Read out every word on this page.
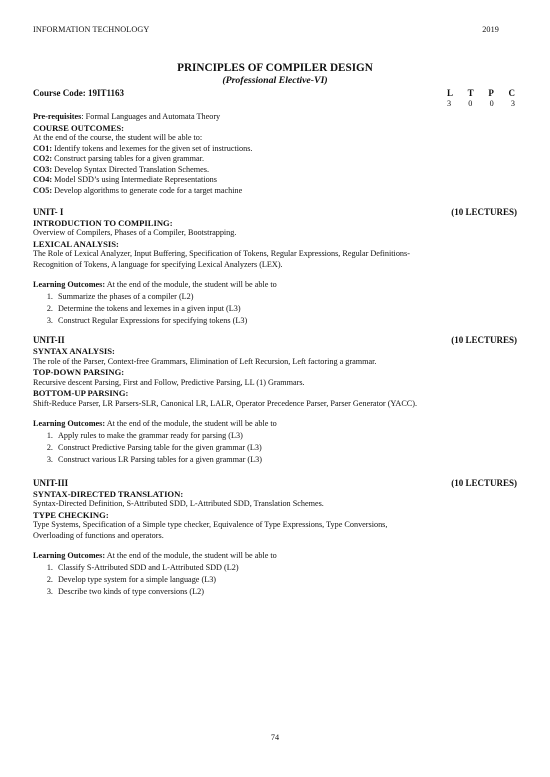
INFORMATION TECHNOLOGY	2019
PRINCIPLES OF COMPILER DESIGN
(Professional Elective-VI)
Course Code: 19IT1163	L T P C
3 0 0 3
Pre-requisites: Formal Languages and Automata Theory
COURSE OUTCOMES:
At the end of the course, the student will be able to:
CO1: Identify tokens and lexemes for the given set of instructions.
CO2: Construct parsing tables for a given grammar.
CO3: Develop Syntax Directed Translation Schemes.
CO4: Model SDD’s using Intermediate Representations
CO5: Develop algorithms to generate code for a target machine
UNIT- I	(10 LECTURES)
INTRODUCTION TO COMPILING:
Overview of Compilers, Phases of a Compiler, Bootstrapping.
LEXICAL ANALYSIS:
The Role of Lexical Analyzer, Input Buffering, Specification of Tokens, Regular Expressions, Regular Definitions-
Recognition of Tokens, A language for specifying Lexical Analyzers (LEX).
Learning Outcomes: At the end of the module, the student will be able to
1. Summarize the phases of a compiler (L2)
2. Determine the tokens and lexemes in a given input (L3)
3. Construct Regular Expressions for specifying tokens (L3)
UNIT-II	(10 LECTURES)
SYNTAX ANALYSIS:
The role of the Parser, Context-free Grammars, Elimination of Left Recursion, Left factoring a grammar.
TOP-DOWN PARSING:
Recursive descent Parsing, First and Follow, Predictive Parsing, LL (1) Grammars.
BOTTOM-UP PARSING:
Shift-Reduce Parser, LR Parsers-SLR, Canonical LR, LALR, Operator Precedence Parser, Parser Generator (YACC).
Learning Outcomes: At the end of the module, the student will be able to
1. Apply rules to make the grammar ready for parsing (L3)
2. Construct Predictive Parsing table for the given grammar (L3)
3. Construct various LR Parsing tables for a given grammar (L3)
UNIT-III	(10 LECTURES)
SYNTAX-DIRECTED TRANSLATION:
Syntax-Directed Definition, S-Attributed SDD, L-Attributed SDD, Translation Schemes.
TYPE CHECKING:
Type Systems, Specification of a Simple type checker, Equivalence of Type Expressions, Type Conversions,
Overloading of functions and operators.
Learning Outcomes: At the end of the module, the student will be able to
1. Classify S-Attributed SDD and L-Attributed SDD (L2)
2. Develop type system for a simple language (L3)
3. Describe two kinds of type conversions (L2)
74
